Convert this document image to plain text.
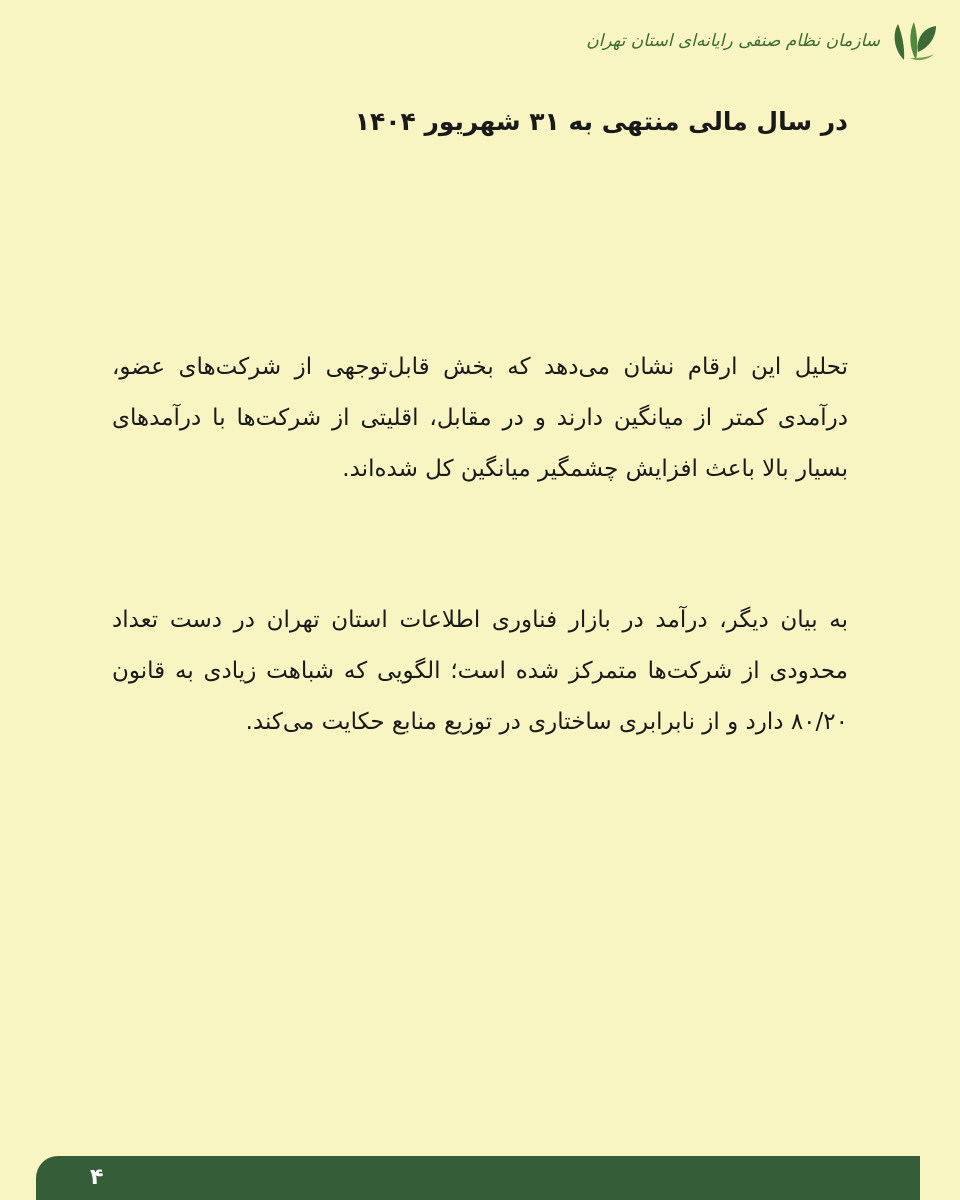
سازمان نظام صنفی رایانه‌ای استان تهران
در سال مالی منتهی به ۳۱ شهریور ۱۴۰۴

تحلیل این ارقام نشان می‌دهد که بخش قابل‌توجهی از شرکت‌های عضو، درآمدی کمتر از میانگین دارند و در مقابل، اقلیتی از شرکت‌ها با درآمدهای بسیار بالا باعث افزایش چشمگیر میانگین کل شده‌اند.

به بیان دیگر، درآمد در بازار فناوری اطلاعات استان تهران در دست تعداد محدودی از شرکت‌ها متمرکز شده است؛ الگویی که شباهت زیادی به قانون ۸۰/۲۰ دارد و از نابرابری ساختاری در توزیع منابع حکایت می‌کند.

۴
